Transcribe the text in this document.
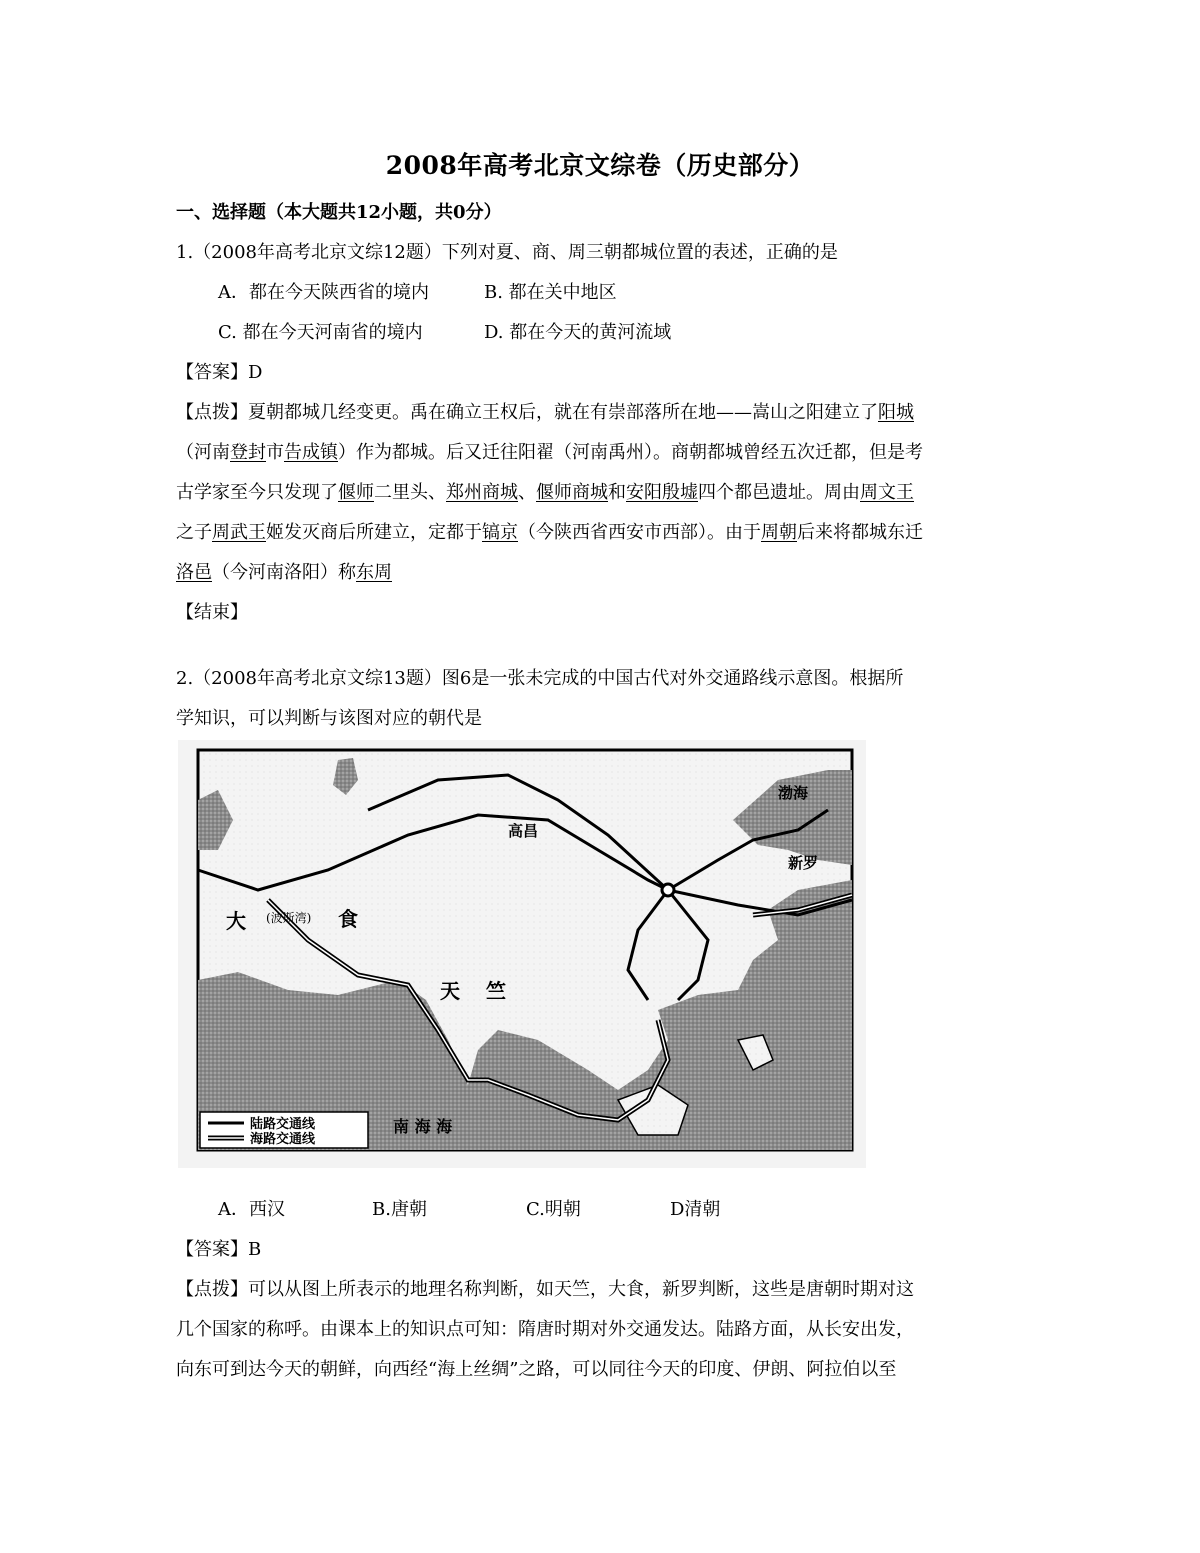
2008年高考北京文综卷（历史部分）
一、选择题（本大题共12小题，共0分）
1.（2008年高考北京文综12题）下列对夏、商、周三朝都城位置的表述，正确的是
A．都在今天陕西省的境内	B. 都在关中地区
C. 都在今天河南省的境内	D. 都在今天的黄河流域
【答案】D
【点拨】夏朝都城几经变更。禹在确立王权后，就在有崇部落所在地——嵩山之阳建立了阳城
（河南登封市告成镇）作为都城。后又迁往阳翟（河南禹州）。商朝都城曾经五次迁都，但是考
古学家至今只发现了偃师二里头、郑州商城、偃师商城和安阳殷墟四个都邑遗址。周由周文王
之子周武王姬发灭商后所建立，定都于镐京（今陕西省西安市西部）。由于周朝后来将都城东迁
洛邑（今河南洛阳）称东周
【结束】
2.（2008年高考北京文综13题）图6是一张未完成的中国古代对外交通路线示意图。根据所
学知识，可以判断与该图对应的朝代是
高昌
渤海
新罗
大	食
(波斯湾)
天 竺
南 海 海
陆路交通线
海路交通线
A．西汉	B.唐朝	C.明朝	D清朝
【答案】B
【点拨】可以从图上所表示的地理名称判断，如天竺，大食，新罗判断，这些是唐朝时期对这
几个国家的称呼。由课本上的知识点可知：隋唐时期对外交通发达。陆路方面，从长安出发，
向东可到达今天的朝鲜，向西经“海上丝绸”之路，可以同往今天的印度、伊朗、阿拉伯以至
